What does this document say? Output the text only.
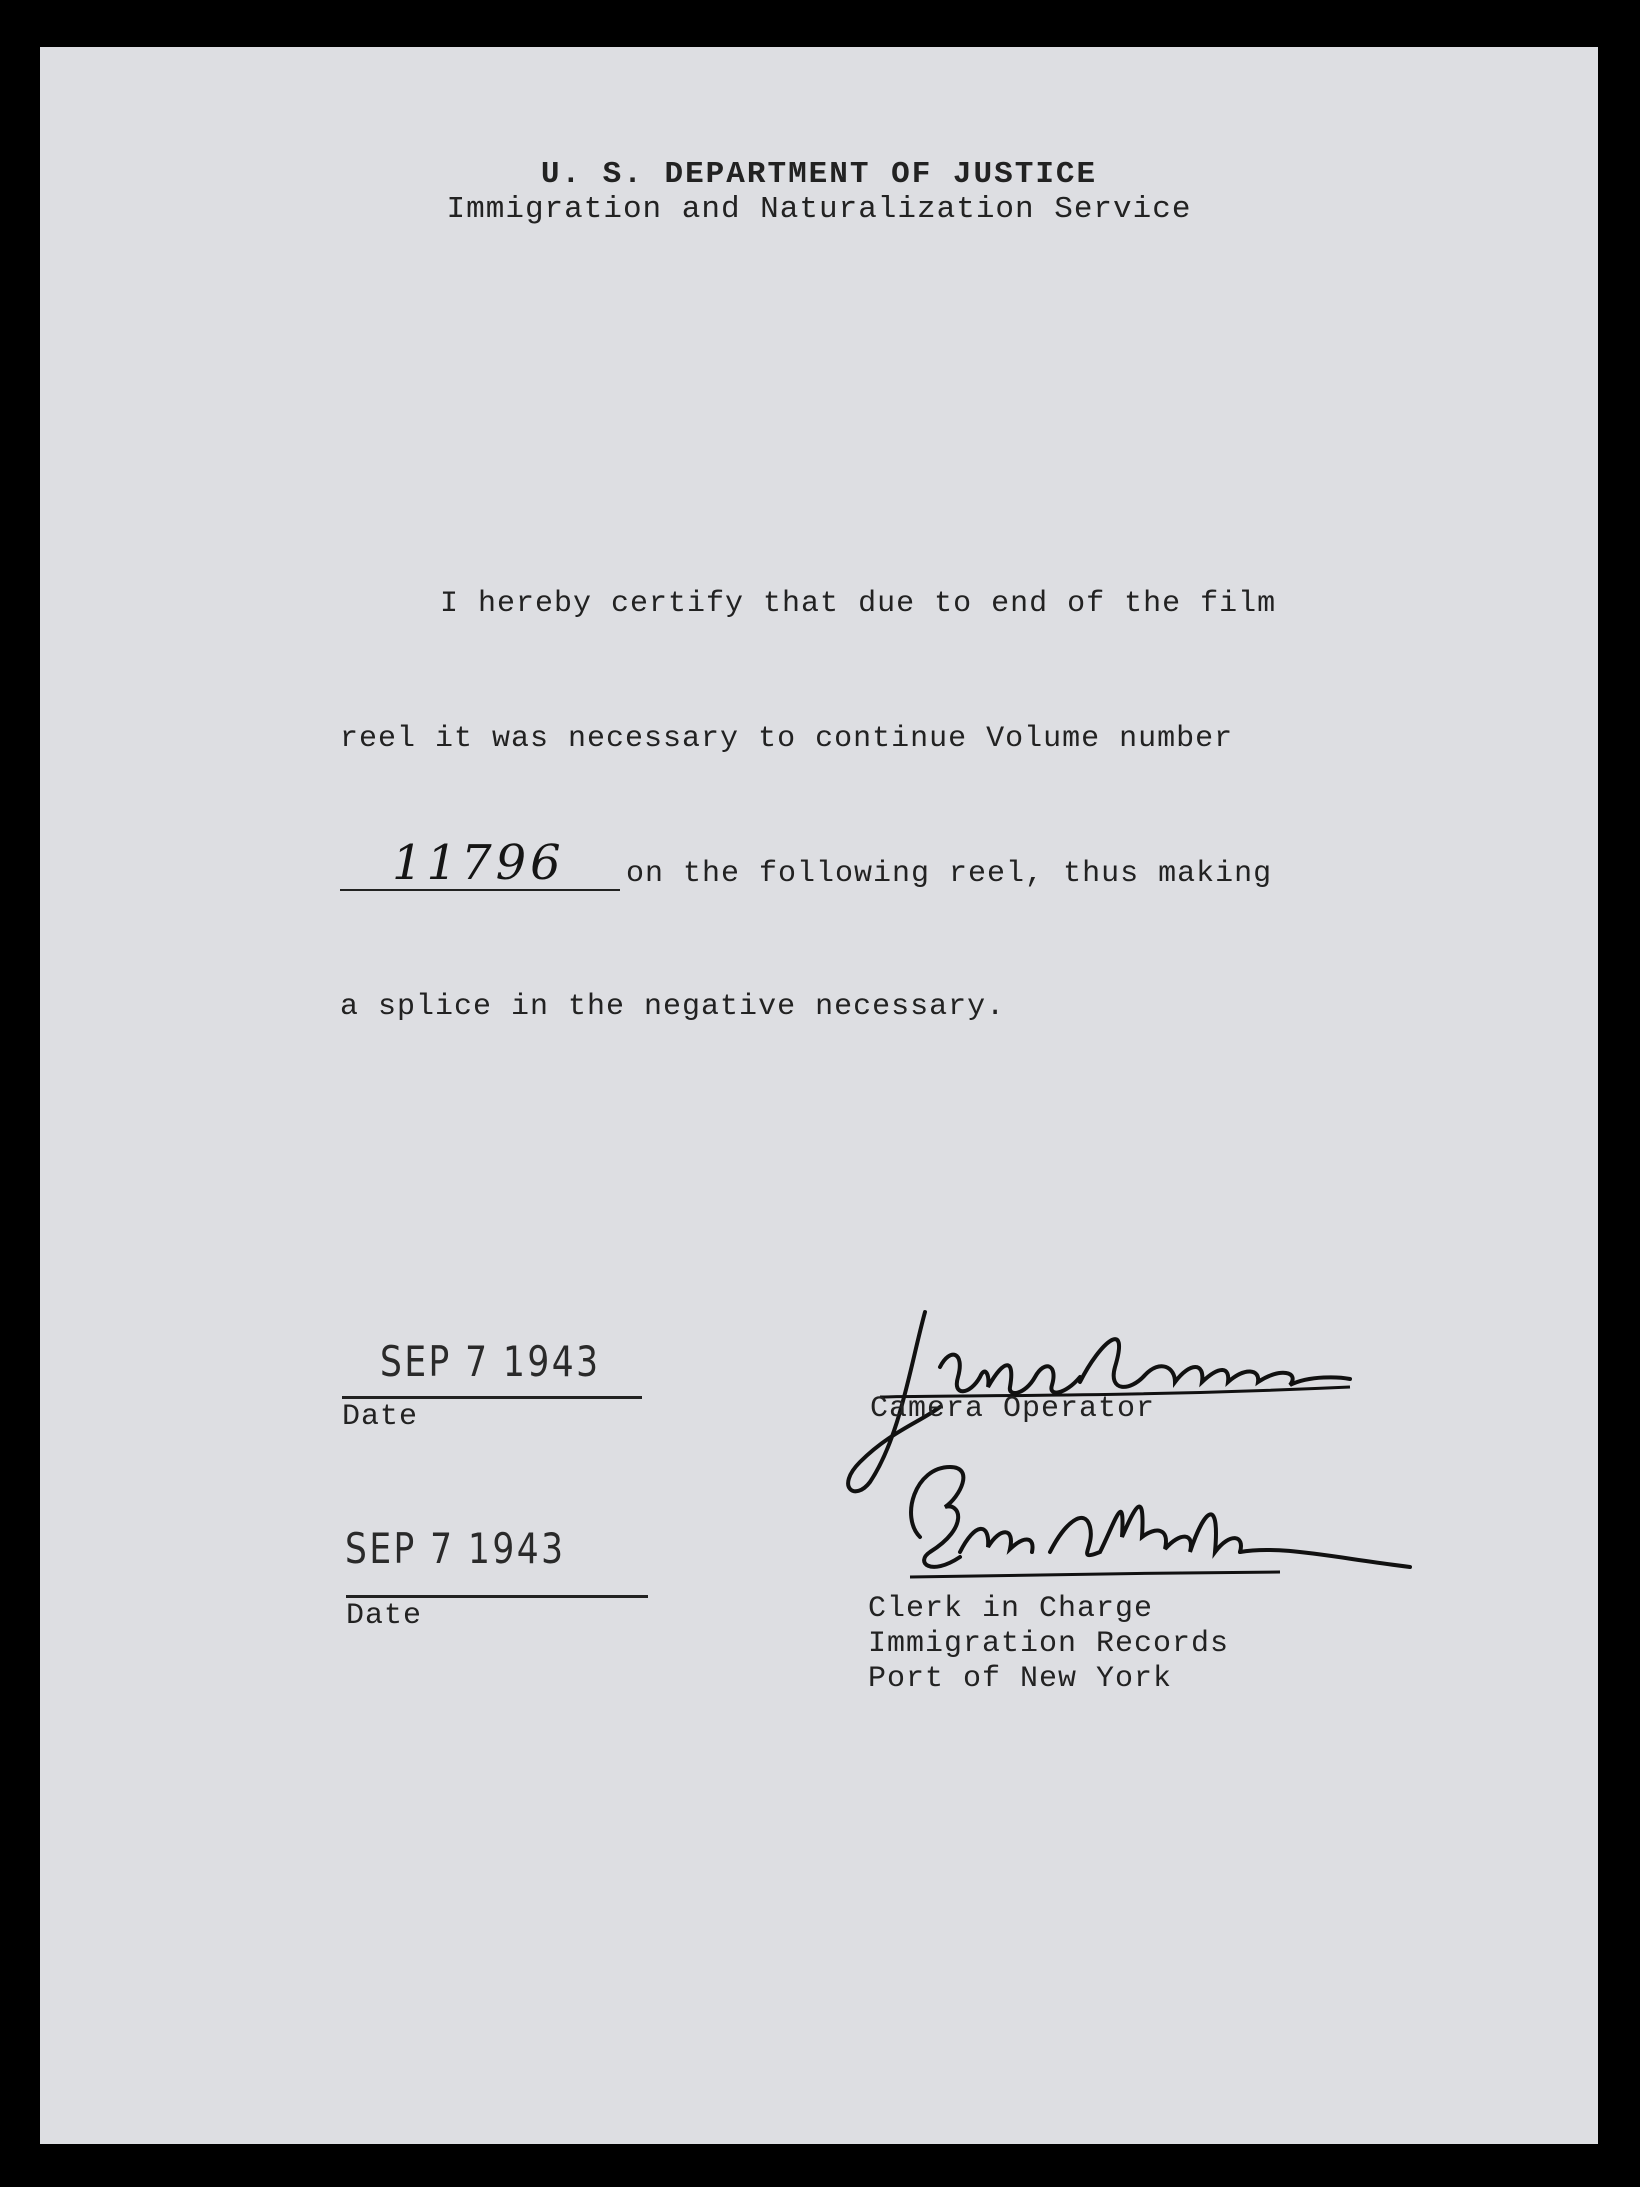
U. S. DEPARTMENT OF JUSTICE
Immigration and Naturalization Service
I hereby certify that due to end of the film
reel it was necessary to continue Volume number
11796 on the following reel, thus making
a splice in the negative necessary.
SEP 7 1943
Date	Camera Operator
SEP 7 1943
Date	Clerk in Charge
Immigration Records
Port of New York
